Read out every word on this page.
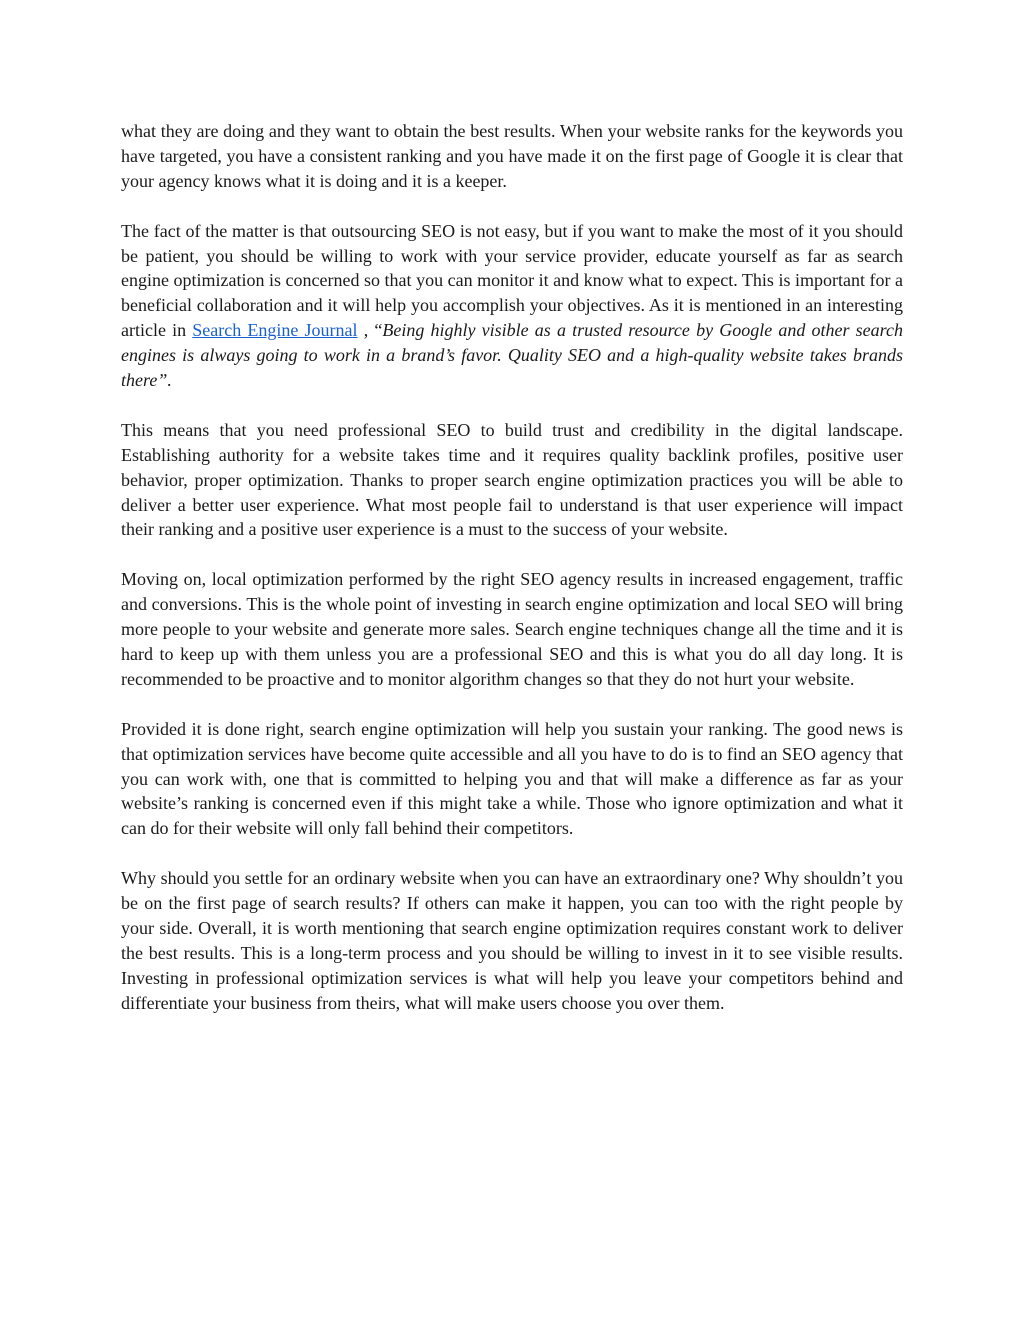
what they are doing and they want to obtain the best results. When your website ranks for the keywords you have targeted, you have a consistent ranking and you have made it on the first page of Google it is clear that your agency knows what it is doing and it is a keeper.

The fact of the matter is that outsourcing SEO is not easy, but if you want to make the most of it you should be patient, you should be willing to work with your service provider, educate yourself as far as search engine optimization is concerned so that you can monitor it and know what to expect. This is important for a beneficial collaboration and it will help you accomplish your objectives. As it is mentioned in an interesting article in Search Engine Journal , “Being highly visible as a trusted resource by Google and other search engines is always going to work in a brand’s favor. Quality SEO and a high-quality website takes brands there”.

This means that you need professional SEO to build trust and credibility in the digital landscape. Establishing authority for a website takes time and it requires quality backlink profiles, positive user behavior, proper optimization. Thanks to proper search engine optimization practices you will be able to deliver a better user experience. What most people fail to understand is that user experience will impact their ranking and a positive user experience is a must to the success of your website.

Moving on, local optimization performed by the right SEO agency results in increased engagement, traffic and conversions. This is the whole point of investing in search engine optimization and local SEO will bring more people to your website and generate more sales. Search engine techniques change all the time and it is hard to keep up with them unless you are a professional SEO and this is what you do all day long. It is recommended to be proactive and to monitor algorithm changes so that they do not hurt your website.

Provided it is done right, search engine optimization will help you sustain your ranking. The good news is that optimization services have become quite accessible and all you have to do is to find an SEO agency that you can work with, one that is committed to helping you and that will make a difference as far as your website’s ranking is concerned even if this might take a while. Those who ignore optimization and what it can do for their website will only fall behind their competitors.

Why should you settle for an ordinary website when you can have an extraordinary one? Why shouldn’t you be on the first page of search results? If others can make it happen, you can too with the right people by your side. Overall, it is worth mentioning that search engine optimization requires constant work to deliver the best results. This is a long-term process and you should be willing to invest in it to see visible results. Investing in professional optimization services is what will help you leave your competitors behind and differentiate your business from theirs, what will make users choose you over them.
